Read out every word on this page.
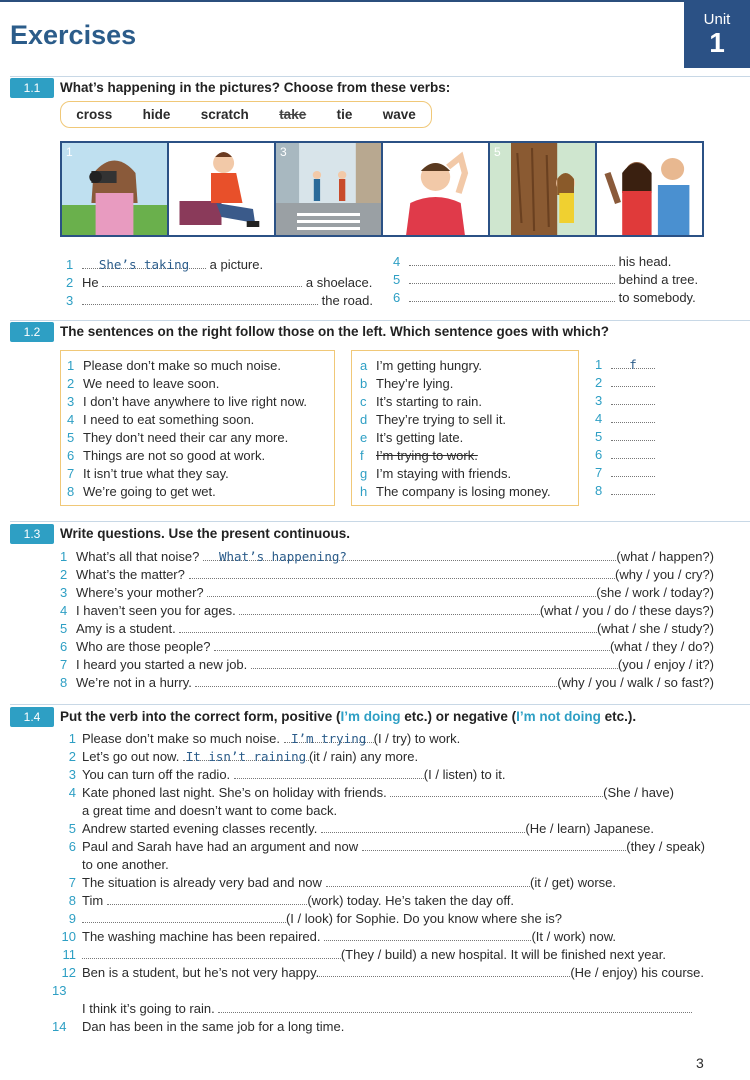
Exercises
Unit
1
1.1	What’s happening in the pictures? Choose from these verbs:
cross hide scratch take tie wave
1	2	3	4	5	6
1 She’s taking a picture.
2 He	a shoelace.
3	the road.
4	his head.
5	behind a tree.
6	to somebody.
1.2	The sentences on the right follow those on the left. Which sentence goes with which?
1 Please don’t make so much noise.
2 We need to leave soon.
3 I don’t have anywhere to live right now.
4 I need to eat something soon.
5 They don’t need their car any more.
6 Things are not so good at work.
7 It isn’t true what they say.
8 We’re going to get wet.
a I’m getting hungry.
b They’re lying.
c It’s starting to rain.
d They’re trying to sell it.
e It’s getting late.
f I’m trying to work.
g I’m staying with friends.
h The company is losing money.
1 f
2
3
4
5
6
7
8
1.3	Write questions. Use the present continuous.
1 What’s all that noise?
	What’s happening?	(what / happen?)
2 What’s the matter?
	(why / you / cry?)
3 Where’s your mother?
	(she / work / today?)
4 I haven’t seen you for ages.
	(what / you / do / these days?)
5 Amy is a student.
	(what / she / study?)
6 Who are those people?
	(what / they / do?)
7 I heard you started a new job.
	(you / enjoy / it?)
8 We’re not in a hurry.
	(why / you / walk / so fast?)
1.4	Put the verb into the correct form, positive (I’m doing etc.) or negative (I’m not doing etc.).
1 Please don’t make so much noise.
I’m trying (I / try) to work.
2 Let’s go out now.
It isn’t raining (it / rain) any more.
3 You can turn off the radio.
	(I / listen) to it.
4 Kate phoned last night. She’s on holiday with friends.
	(She / have)
a great time and doesn’t want to come back.
5 Andrew started evening classes recently.
	(He / learn) Japanese.
6 Paul and Sarah have had an argument and now
	(they / speak)
to one another.
7 The situation is already very bad and now
	(it / get) worse.
8 Tim
	(work) today. He’s taken the day off.
9	(I / look) for Sophie. Do you know where she is?
10 The washing machine has been repaired.
	(It / work) now.
11	(They / build) a new hospital. It will be finished next year.
12 Ben is a student, but he’s not very happy.	(He / enjoy) his course.
13
I think it’s going to rain.

14 Dan has been in the same job for a long time.
3
